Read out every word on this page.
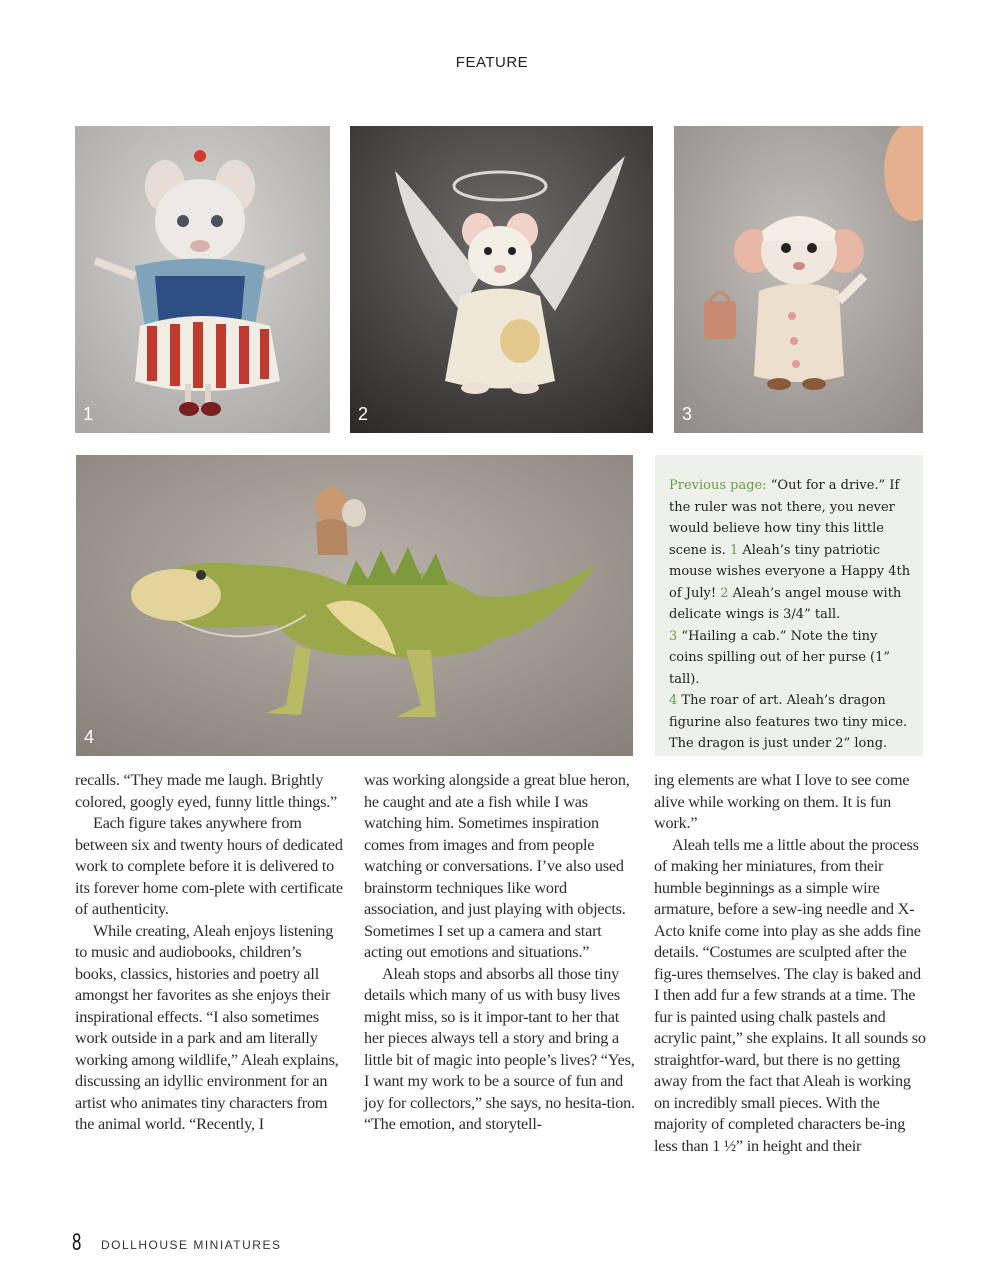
FEATURE
1	2	3
4

Previous page: “Out for a drive.” If the ruler was not there, you never would believe how tiny this little scene is. 1 Aleah’s tiny patriotic mouse wishes everyone a Happy 4th of July! 2 Aleah’s angel mouse with delicate wings is 3/4” tall.
3 “Hailing a cab.” Note the tiny coins spilling out of her purse (1” tall).
4 The roar of art. Aleah’s dragon figurine also features two tiny mice. The dragon is just under 2” long.

recalls. “They made me laugh. Brightly colored, googly eyed, funny little things.”

Each figure takes anywhere from between six and twenty hours of dedicated work to complete before it is delivered to its forever home com-plete with certificate of authenticity.

While creating, Aleah enjoys listening to music and audiobooks, children’s books, classics, histories and poetry all amongst her favorites as she enjoys their inspirational effects. “I also sometimes work outside in a park and am literally working among wildlife,” Aleah explains, discussing an idyllic environment for an artist who animates tiny characters from the animal world. “Recently, I

was working alongside a great blue heron, he caught and ate a fish while I was watching him. Sometimes inspiration comes from images and from people watching or conversations. I’ve also used brainstorm techniques like word association, and just playing with objects. Sometimes I set up a camera and start acting out emotions and situations.”

Aleah stops and absorbs all those tiny details which many of us with busy lives might miss, so is it impor-tant to her that her pieces always tell a story and bring a little bit of magic into people’s lives? “Yes, I want my work to be a source of fun and joy for collectors,” she says, no hesita-tion. “The emotion, and storytell-

ing elements are what I love to see come alive while working on them. It is fun work.”

Aleah tells me a little about the process of making her miniatures, from their humble beginnings as a simple wire armature, before a sew-ing needle and X-Acto knife come into play as she adds fine details. “Costumes are sculpted after the fig-ures themselves. The clay is baked and I then add fur a few strands at a time. The fur is painted using chalk pastels and acrylic paint,” she explains. It all sounds so straightfor-ward, but there is no getting away from the fact that Aleah is working on incredibly small pieces. With the majority of completed characters be-ing less than 1 ½” in height and their

8 DOLLHOUSE MINIATURES
